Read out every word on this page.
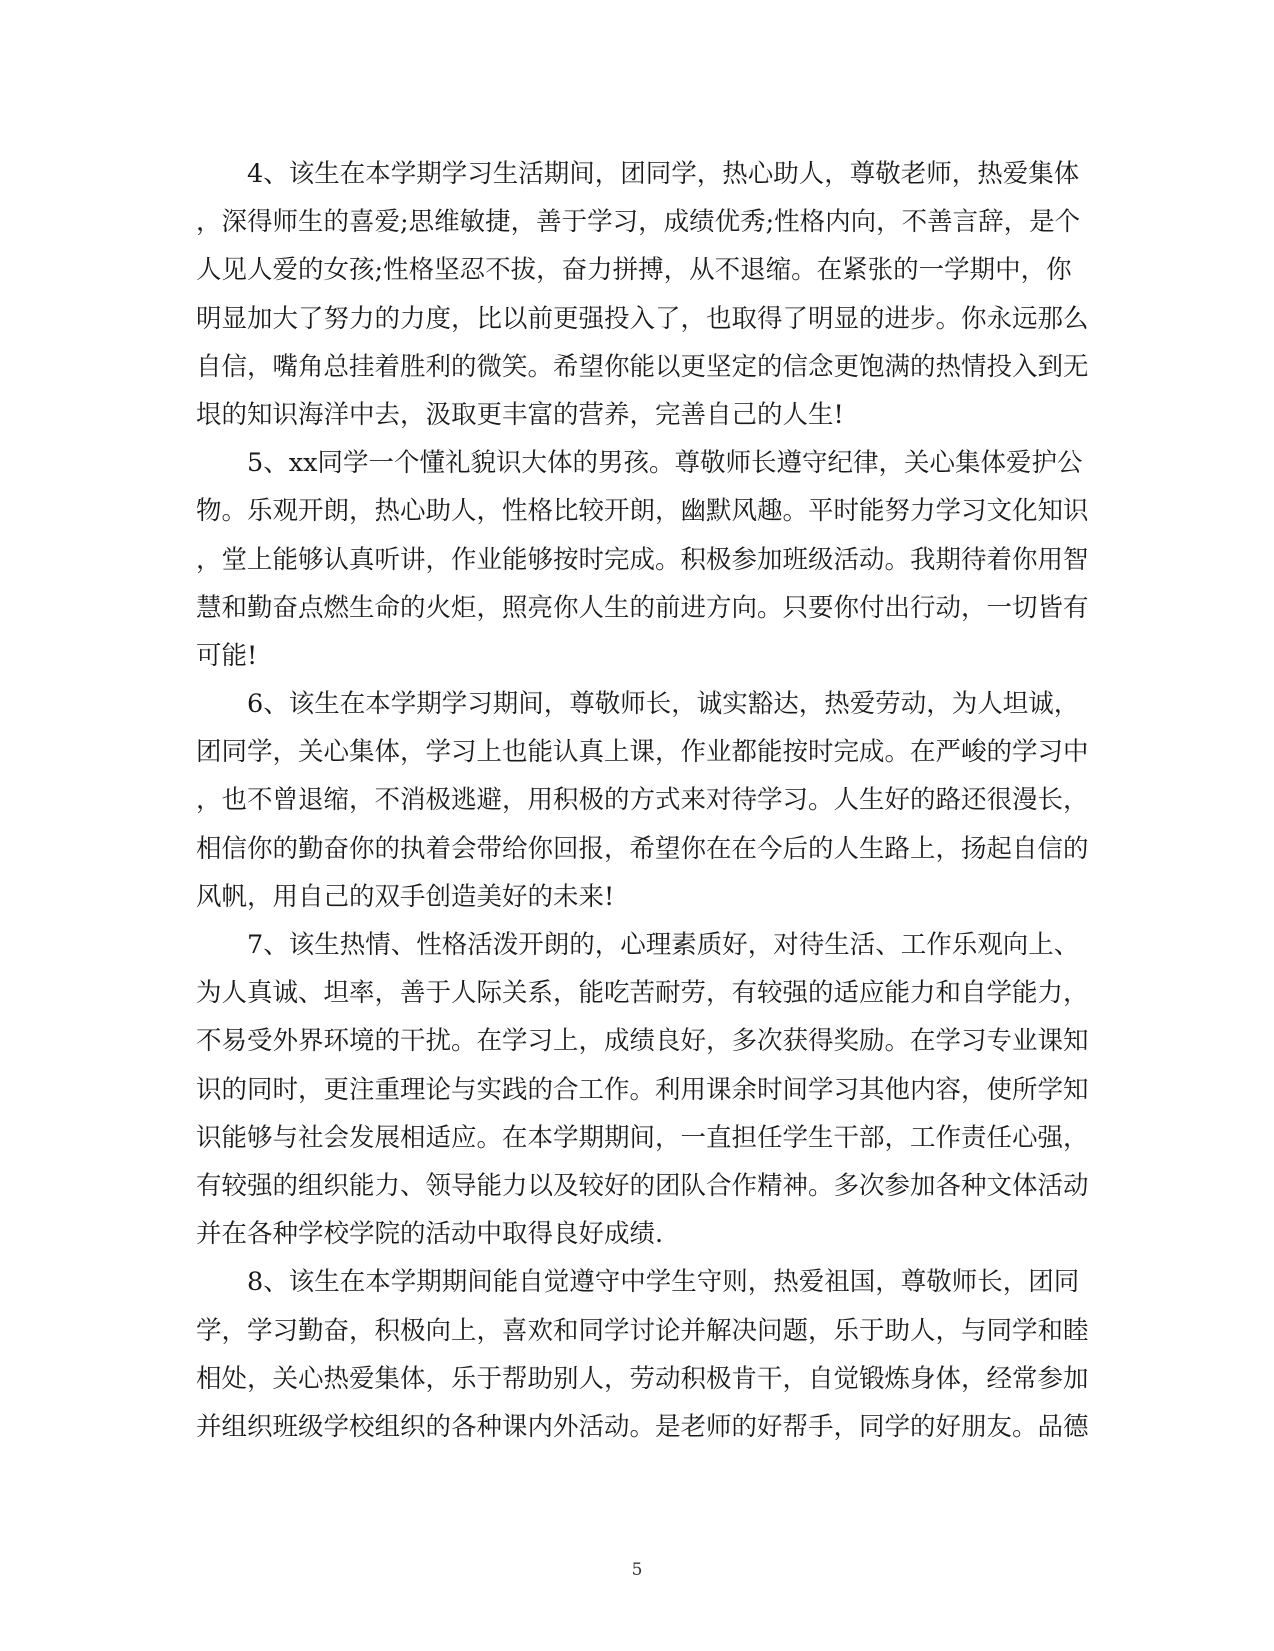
　　4、该生在本学期学习生活期间，团同学，热心助人，尊敬老师，热爱集体
，深得师生的喜爱;思维敏捷，善于学习，成绩优秀;性格内向，不善言辞，是个
人见人爱的女孩;性格坚忍不拔，奋力拼搏，从不退缩。在紧张的一学期中，你
明显加大了努力的力度，比以前更强投入了，也取得了明显的进步。你永远那么
自信，嘴角总挂着胜利的微笑。希望你能以更坚定的信念更饱满的热情投入到无
垠的知识海洋中去，汲取更丰富的营养，完善自己的人生!
　　5、xx同学一个懂礼貌识大体的男孩。尊敬师长遵守纪律，关心集体爱护公
物。乐观开朗，热心助人，性格比较开朗，幽默风趣。平时能努力学习文化知识
，堂上能够认真听讲，作业能够按时完成。积极参加班级活动。我期待着你用智
慧和勤奋点燃生命的火炬，照亮你人生的前进方向。只要你付出行动，一切皆有
可能!
　　6、该生在本学期学习期间，尊敬师长，诚实豁达，热爱劳动，为人坦诚，
团同学，关心集体，学习上也能认真上课，作业都能按时完成。在严峻的学习中
，也不曾退缩，不消极逃避，用积极的方式来对待学习。人生好的路还很漫长，
相信你的勤奋你的执着会带给你回报，希望你在在今后的人生路上，扬起自信的
风帆，用自己的双手创造美好的未来!
　　7、该生热情、性格活泼开朗的，心理素质好，对待生活、工作乐观向上、
为人真诚、坦率，善于人际关系，能吃苦耐劳，有较强的适应能力和自学能力，
不易受外界环境的干扰。在学习上，成绩良好，多次获得奖励。在学习专业课知
识的同时，更注重理论与实践的合工作。利用课余时间学习其他内容，使所学知
识能够与社会发展相适应。在本学期期间，一直担任学生干部，工作责任心强，
有较强的组织能力、领导能力以及较好的团队合作精神。多次参加各种文体活动
并在各种学校学院的活动中取得良好成绩.
　　8、该生在本学期期间能自觉遵守中学生守则，热爱祖国，尊敬师长，团同
学，学习勤奋，积极向上，喜欢和同学讨论并解决问题，乐于助人，与同学和睦
相处，关心热爱集体，乐于帮助别人，劳动积极肯干，自觉锻炼身体，经常参加
并组织班级学校组织的各种课内外活动。是老师的好帮手，同学的好朋友。品德
5
